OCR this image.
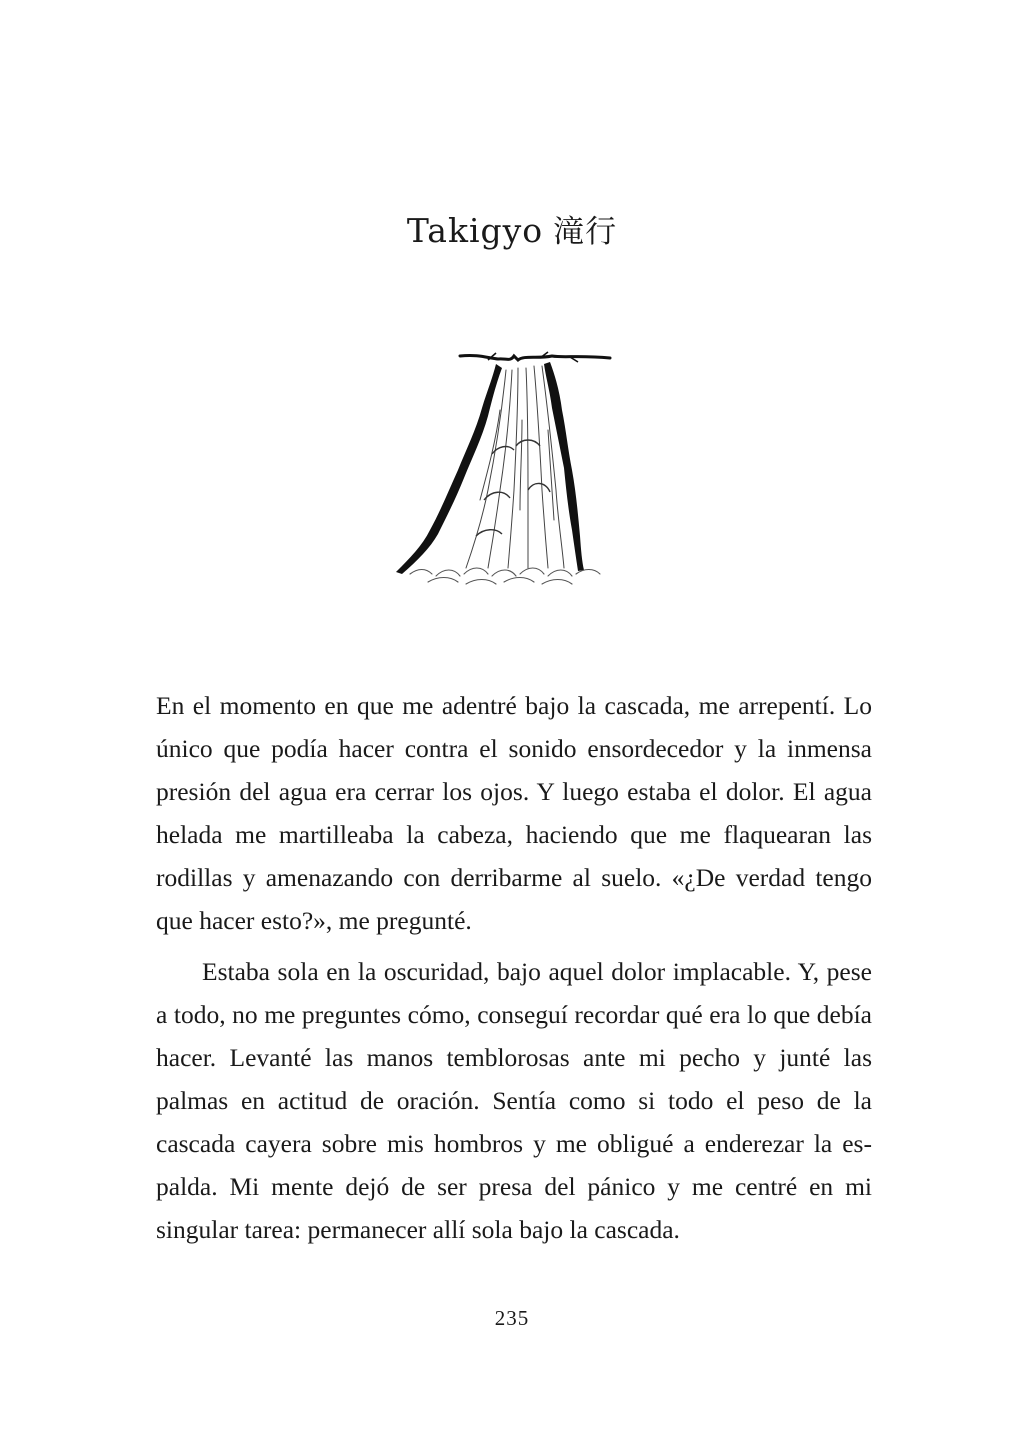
Takigyo 滝行

En el momento en que me adentré bajo la cascada, me arrepentí. Lo único que podía hacer contra el sonido ensordecedor y la inmensa presión del agua era cerrar los ojos. Y luego estaba el dolor. El agua helada me martilleaba la cabeza, haciendo que me flaquearan las rodillas y amenazando con derribarme al suelo. «¿De verdad tengo que hacer esto?», me pregunté.

Estaba sola en la oscuridad, bajo aquel dolor implacable. Y, pese a todo, no me preguntes cómo, conseguí recordar qué era lo que debía hacer. Levanté las manos temblorosas ante mi pecho y junté las palmas en actitud de oración. Sentía como si todo el peso de la cascada cayera sobre mis hombros y me obligué a enderezar la espalda. Mi mente dejó de ser presa del pánico y me centré en mi singular tarea: permanecer allí sola bajo la cascada.

235
